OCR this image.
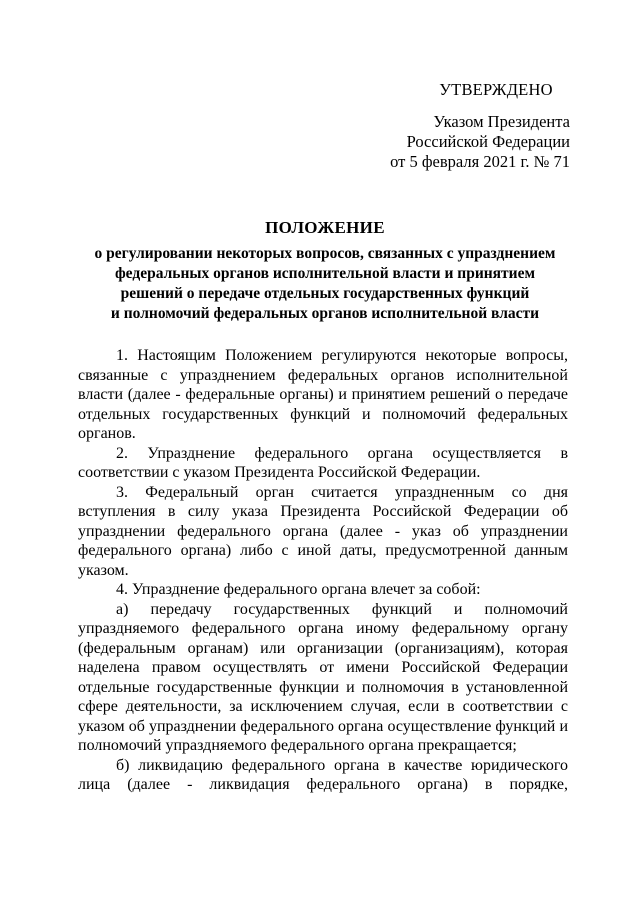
УТВЕРЖДЕНО
Указом Президента
Российской Федерации
от 5 февраля 2021 г. № 71
ПОЛОЖЕНИЕ
о регулировании некоторых вопросов, связанных с упразднением
федеральных органов исполнительной власти и принятием
решений о передаче отдельных государственных функций
и полномочий федеральных органов исполнительной власти

1. Настоящим Положением регулируются некоторые вопросы, связанные с упразднением федеральных органов исполнительной власти (далее - федеральные органы) и принятием решений о передаче отдельных государственных функций и полномочий федеральных органов.

2. Упразднение федерального органа осуществляется в соответствии с указом Президента Российской Федерации.

3. Федеральный орган считается упраздненным со дня вступления в силу указа Президента Российской Федерации об упразднении федерального органа (далее - указ об упразднении федерального органа) либо с иной даты, предусмотренной данным указом.

4. Упразднение федерального органа влечет за собой:

а) передачу государственных функций и полномочий упраздняемого федерального органа иному федеральному органу (федеральным органам) или организации (организациям), которая наделена правом осуществлять от имени Российской Федерации отдельные государственные функции и полномочия в установленной сфере деятельности, за исключением случая, если в соответствии с указом об упразднении федерального органа осуществление функций и полномочий упраздняемого федерального органа прекращается;

б) ликвидацию федерального органа в качестве юридического лица (далее - ликвидация федерального органа) в порядке,
